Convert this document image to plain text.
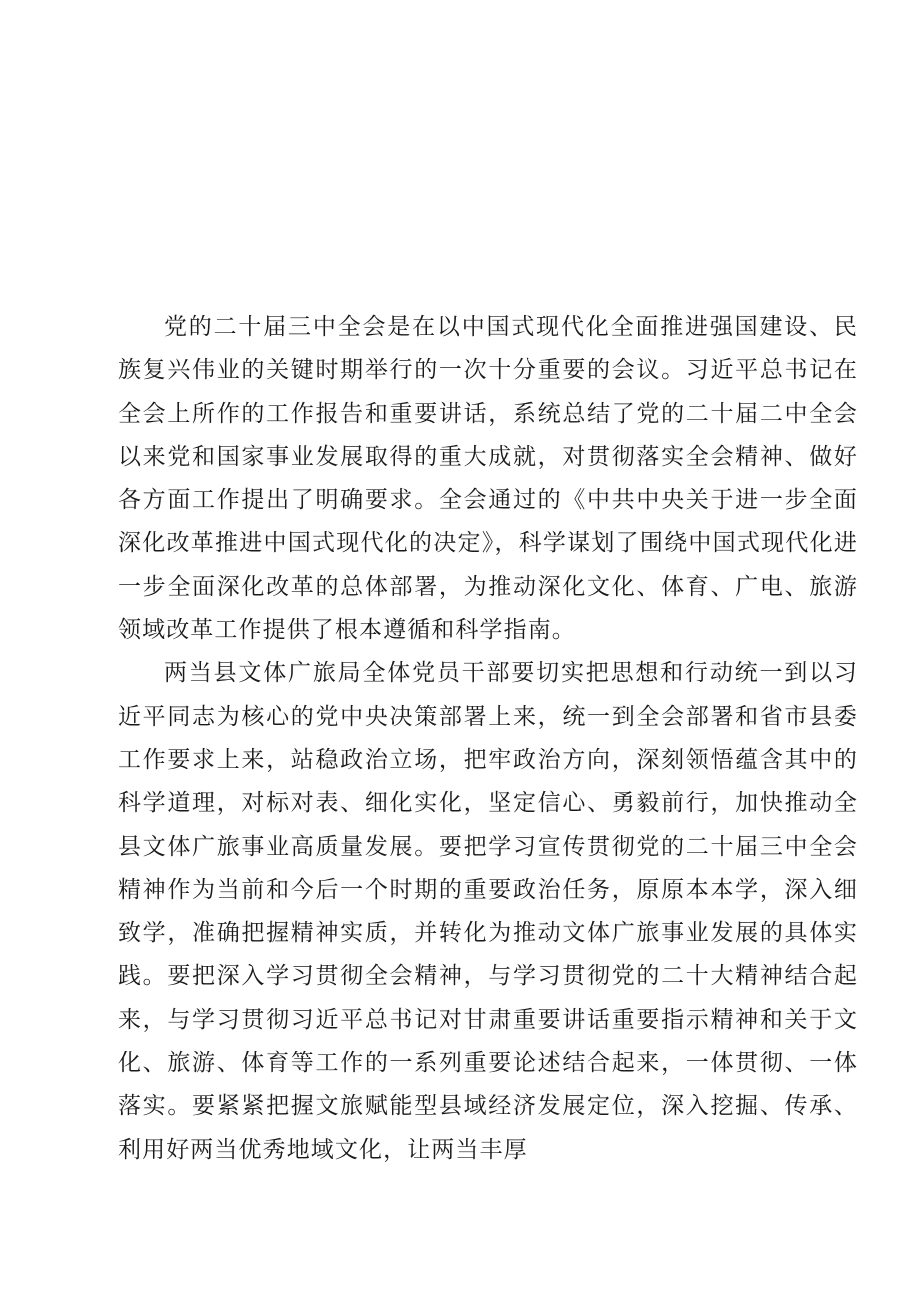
党的二十届三中全会是在以中国式现代化全面推进强国建设、民族复兴伟业的关键时期举行的一次十分重要的会议。习近平总书记在全会上所作的工作报告和重要讲话，系统总结了党的二十届二中全会以来党和国家事业发展取得的重大成就，对贯彻落实全会精神、做好各方面工作提出了明确要求。全会通过的《中共中央关于进一步全面深化改革推进中国式现代化的决定》，科学谋划了围绕中国式现代化进一步全面深化改革的总体部署，为推动深化文化、体育、广电、旅游领域改革工作提供了根本遵循和科学指南。

两当县文体广旅局全体党员干部要切实把思想和行动统一到以习近平同志为核心的党中央决策部署上来，统一到全会部署和省市县委工作要求上来，站稳政治立场，把牢政治方向，深刻领悟蕴含其中的科学道理，对标对表、细化实化，坚定信心、勇毅前行，加快推动全县文体广旅事业高质量发展。要把学习宣传贯彻党的二十届三中全会精神作为当前和今后一个时期的重要政治任务，原原本本学，深入细致学，准确把握精神实质，并转化为推动文体广旅事业发展的具体实践。要把深入学习贯彻全会精神，与学习贯彻党的二十大精神结合起来，与学习贯彻习近平总书记对甘肃重要讲话重要指示精神和关于文化、旅游、体育等工作的一系列重要论述结合起来，一体贯彻、一体落实。要紧紧把握文旅赋能型县域经济发展定位，深入挖掘、传承、利用好两当优秀地域文化，让两当丰厚
